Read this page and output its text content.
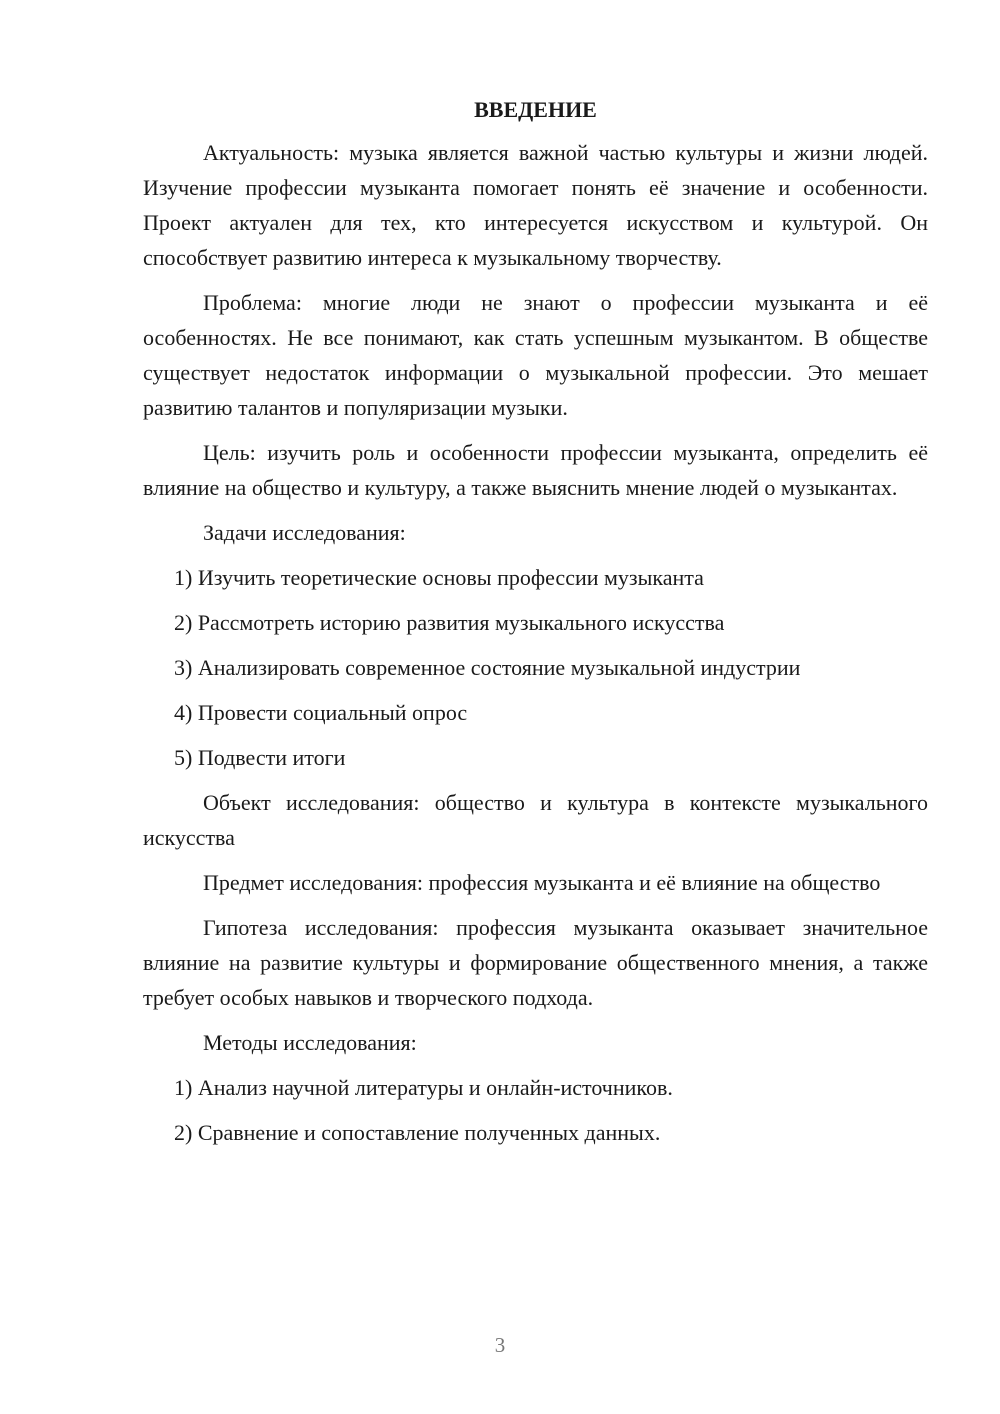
ВВЕДЕНИЕ

Актуальность: музыка является важной частью культуры и жизни людей. Изучение профессии музыканта помогает понять её значение и особенности. Проект актуален для тех, кто интересуется искусством и культурой. Он способствует развитию интереса к музыкальному творчеству.

Проблема: многие люди не знают о профессии музыканта и её особенностях. Не все понимают, как стать успешным музыкантом. В обществе существует недостаток информации о музыкальной профессии. Это мешает развитию талантов и популяризации музыки.

Цель: изучить роль и особенности профессии музыканта, определить её влияние на общество и культуру, а также выяснить мнение людей о музыкантах.

Задачи исследования:

1) Изучить теоретические основы профессии музыканта
2) Рассмотреть историю развития музыкального искусства
3) Анализировать современное состояние музыкальной индустрии
4) Провести социальный опрос
5) Подвести итоги

Объект исследования: общество и культура в контексте музыкального искусства

Предмет исследования: профессия музыканта и её влияние на общество

Гипотеза исследования: профессия музыканта оказывает значительное влияние на развитие культуры и формирование общественного мнения, а также требует особых навыков и творческого подхода.

Методы исследования:

1) Анализ научной литературы и онлайн-источников.
2) Сравнение и сопоставление полученных данных.
3
